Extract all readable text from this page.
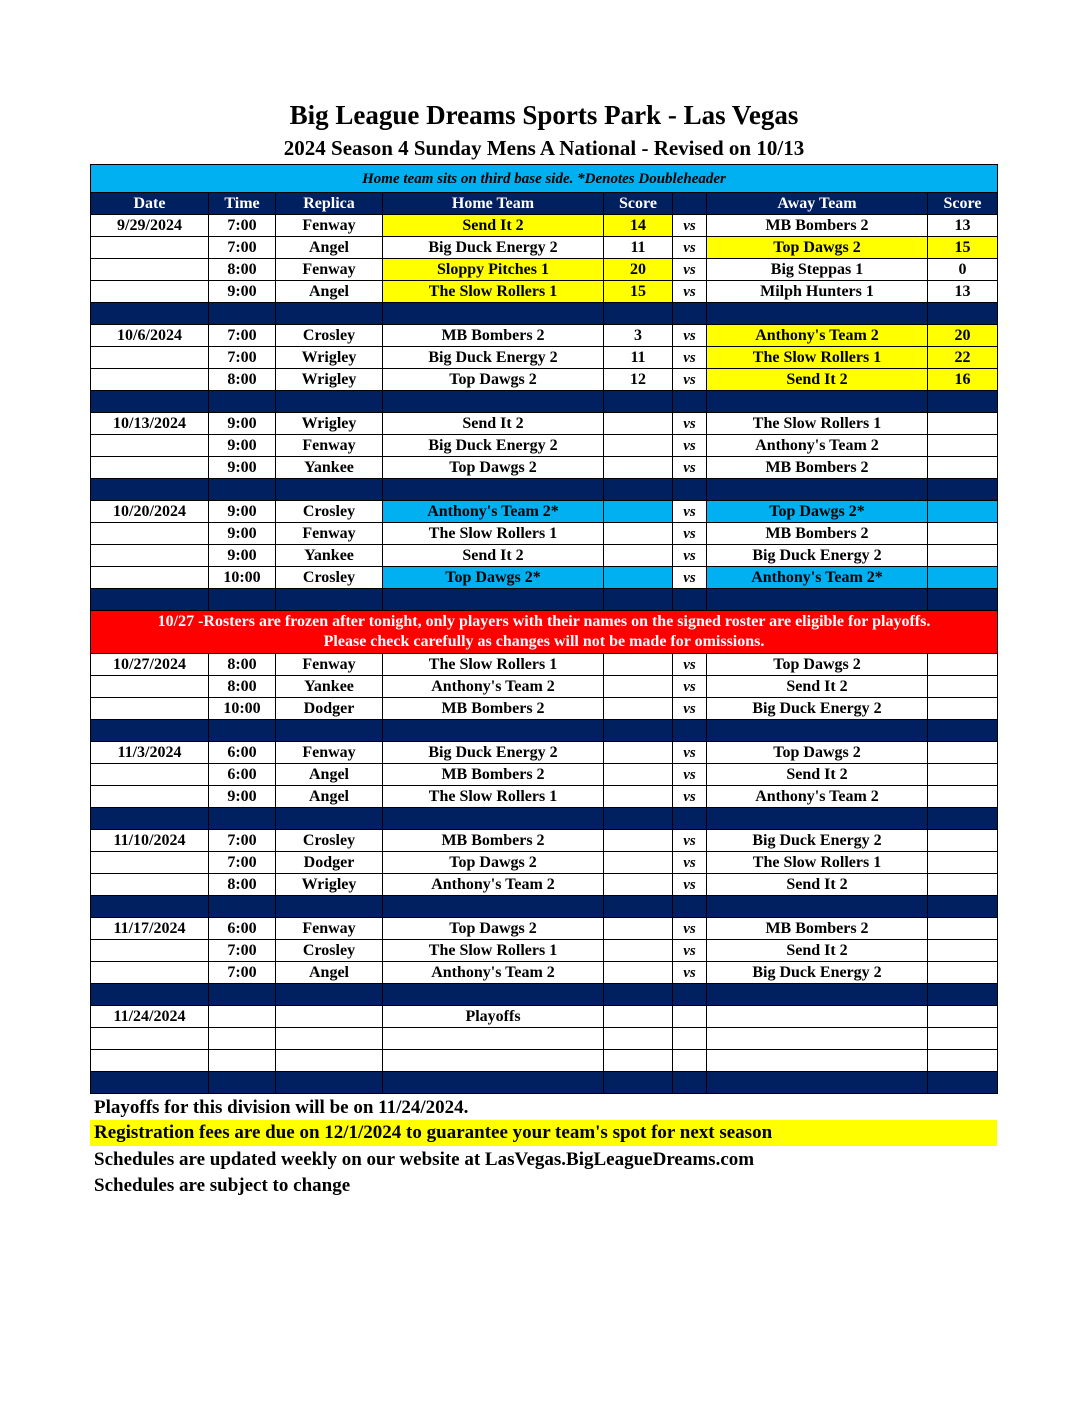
Big League Dreams Sports Park - Las Vegas
2024 Season 4 Sunday Mens A National - Revised on 10/13
Home team sits on third base side. *Denotes Doubleheader							
Date	Time	Replica	Home Team	Score		Away Team	Score
9/29/2024	7:00	Fenway	Send It 2	14	vs	MB Bombers 2	13
	7:00	Angel	Big Duck Energy 2	11	vs	Top Dawgs 2	15
	8:00	Fenway	Sloppy Pitches 1	20	vs	Big Steppas 1	0
	9:00	Angel	The Slow Rollers 1	15	vs	Milph Hunters 1	13

10/6/2024	7:00	Crosley	MB Bombers 2	3	vs	Anthony's Team 2	20
	7:00	Wrigley	Big Duck Energy 2	11	vs	The Slow Rollers 1	22
	8:00	Wrigley	Top Dawgs 2	12	vs	Send It 2	16

10/13/2024	9:00	Wrigley	Send It 2		vs	The Slow Rollers 1	
	9:00	Fenway	Big Duck Energy 2		vs	Anthony's Team 2	
	9:00	Yankee	Top Dawgs 2		vs	MB Bombers 2	

10/20/2024	9:00	Crosley	Anthony's Team 2*		vs	Top Dawgs 2*	
	9:00	Fenway	The Slow Rollers 1		vs	MB Bombers 2	
	9:00	Yankee	Send It 2		vs	Big Duck Energy 2	
	10:00	Crosley	Top Dawgs 2*		vs	Anthony's Team 2*	

10/27 -Rosters are frozen after tonight, only players with their names on the signed roster are eligible for playoffs.
Please check carefully as changes will not be made for omissions.							

10/27/2024	8:00	Fenway	The Slow Rollers 1		vs	Top Dawgs 2	
	8:00	Yankee	Anthony's Team 2		vs	Send It 2	
	10:00	Dodger	MB Bombers 2		vs	Big Duck Energy 2	

11/3/2024	6:00	Fenway	Big Duck Energy 2		vs	Top Dawgs 2	
	6:00	Angel	MB Bombers 2		vs	Send It 2	
	9:00	Angel	The Slow Rollers 1		vs	Anthony's Team 2	

11/10/2024	7:00	Crosley	MB Bombers 2		vs	Big Duck Energy 2	
	7:00	Dodger	Top Dawgs 2		vs	The Slow Rollers 1	
	8:00	Wrigley	Anthony's Team 2		vs	Send It 2	

11/17/2024	6:00	Fenway	Top Dawgs 2		vs	MB Bombers 2	
	7:00	Crosley	The Slow Rollers 1		vs	Send It 2	
	7:00	Angel	Anthony's Team 2		vs	Big Duck Energy 2	

11/24/2024			Playoffs				

Playoffs for this division will be on 11/24/2024.
Registration fees are due on 12/1/2024 to guarantee your team's spot for next season
Schedules are updated weekly on our website at LasVegas.BigLeagueDreams.com
Schedules are subject to change
